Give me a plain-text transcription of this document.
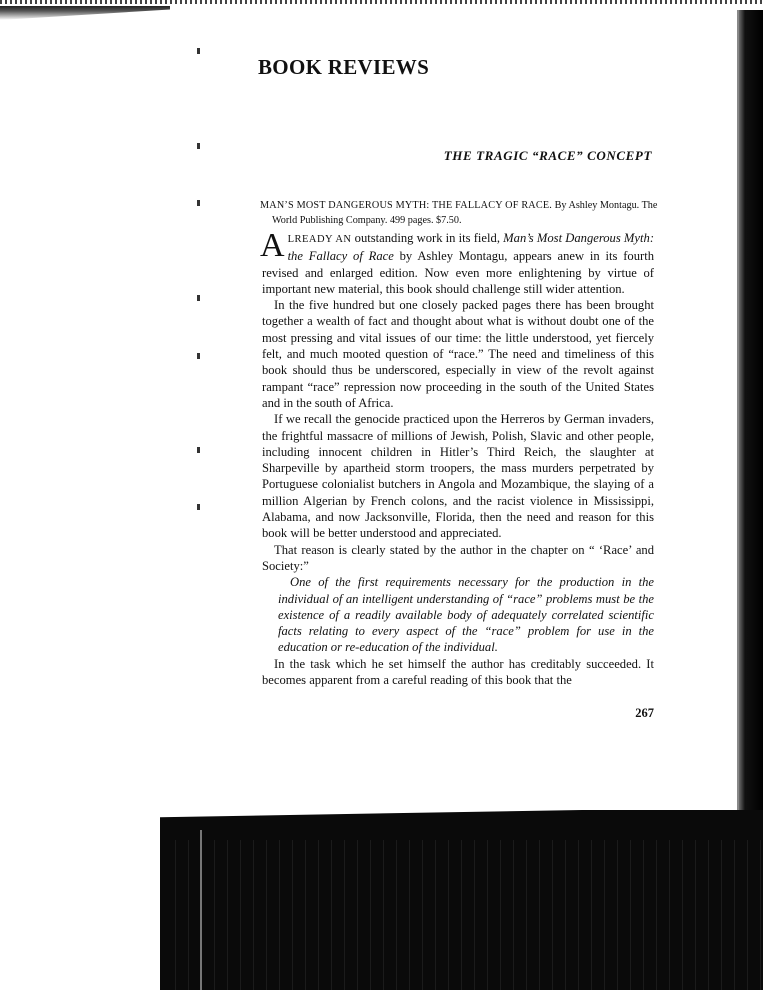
BOOK REVIEWS
THE TRAGIC “RACE” CONCEPT
MAN’S MOST DANGEROUS MYTH: THE FALLACY OF RACE. By Ashley Montagu. The World Publishing Company. 499 pages. $7.50.

ALREADY AN outstanding work in its field, Man’s Most Dangerous Myth: the Fallacy of Race by Ashley Montagu, appears anew in its fourth revised and enlarged edition. Now even more enlightening by virtue of important new material, this book should challenge still wider attention.

In the five hundred but one closely packed pages there has been brought together a wealth of fact and thought about what is without doubt one of the most pressing and vital issues of our time: the little understood, yet fiercely felt, and much mooted question of “race.” The need and timeliness of this book should thus be underscored, especially in view of the revolt against rampant “race” repression now proceeding in the south of the United States and in the south of Africa.

If we recall the genocide practiced upon the Herreros by German invaders, the frightful massacre of millions of Jewish, Polish, Slavic and other people, including innocent children in Hitler’s Third Reich, the slaughter at Sharpeville by apartheid storm troopers, the mass murders perpetrated by Portuguese colonialist butchers in Angola and Mozambique, the slaying of a million Algerian by French colons, and the racist violence in Mississippi, Alabama, and now Jacksonville, Florida, then the need and reason for this book will be better understood and appreciated.

That reason is clearly stated by the author in the chapter on “ ‘Race’ and Society:”

One of the first requirements necessary for the production in the individual of an intelligent understanding of “race” problems must be the existence of a readily available body of adequately correlated scientific facts relating to every aspect of the “race” problem for use in the education or re-education of the individual.

In the task which he set himself the author has creditably succeeded. It becomes apparent from a careful reading of this book that the

267
